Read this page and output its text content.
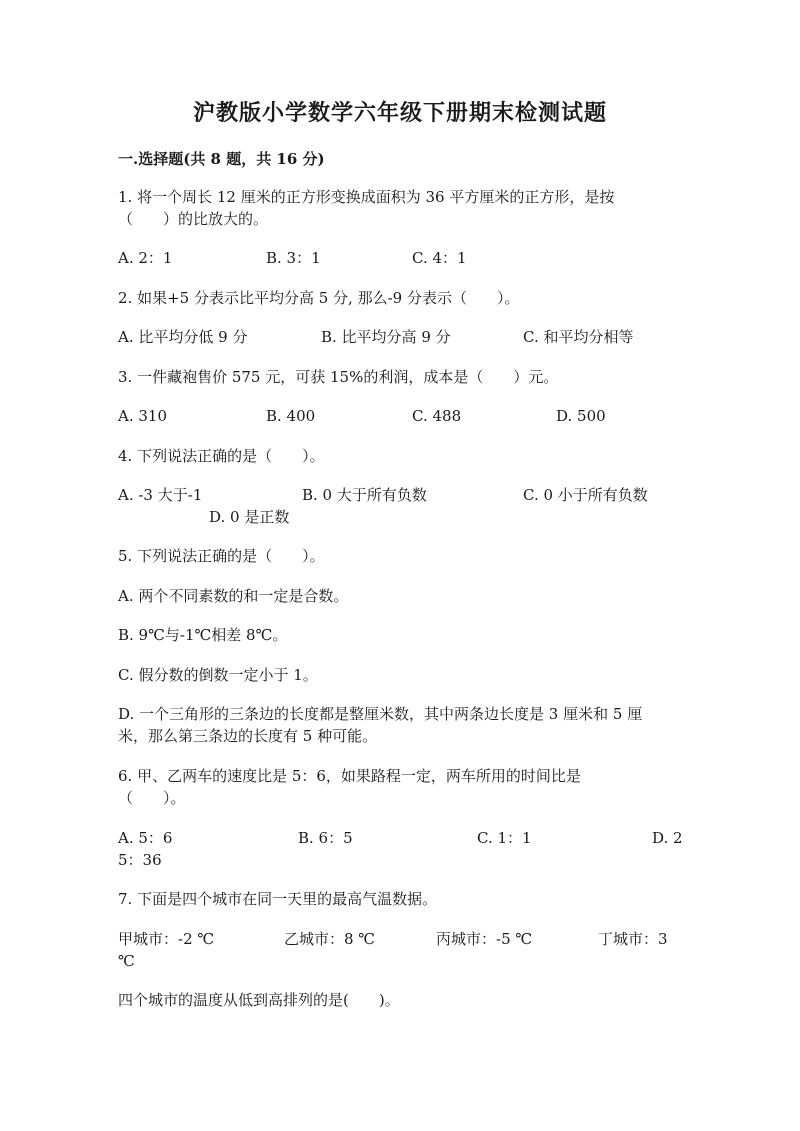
沪教版小学数学六年级下册期末检测试题
一.选择题(共 8 题，共 16 分)
1. 将一个周长 12 厘米的正方形变换成面积为 36 平方厘米的正方形，是按
（　　）的比放大的。
A. 2：1	B. 3：1	C. 4：1
2. 如果+5 分表示比平均分高 5 分, 那么-9 分表示（　　）。
A. 比平均分低 9 分	B. 比平均分高 9 分	C. 和平均分相等
3. 一件藏袍售价 575 元，可获 15%的利润，成本是（　　）元。
A. 310	B. 400	C. 488	D. 500
4. 下列说法正确的是（　　）。
A. -3 大于-1	B. 0 大于所有负数	C. 0 小于所有负数
D. 0 是正数
5. 下列说法正确的是（　　）。
A. 两个不同素数的和一定是合数。
B. 9℃与-1℃相差 8℃。
C. 假分数的倒数一定小于 1。
D. 一个三角形的三条边的长度都是整厘米数，其中两条边长度是 3 厘米和 5 厘
米，那么第三条边的长度有 5 种可能。
6. 甲、乙两车的速度比是 5：6，如果路程一定，两车所用的时间比是
（　　）。
A. 5：6	B. 6：5	C. 1：1	D. 2
5：36
7. 下面是四个城市在同一天里的最高气温数据。
甲城市：-2 ℃	乙城市：8 ℃	丙城市：-5 ℃	丁城市：3
℃
四个城市的温度从低到高排列的是(　　)。
